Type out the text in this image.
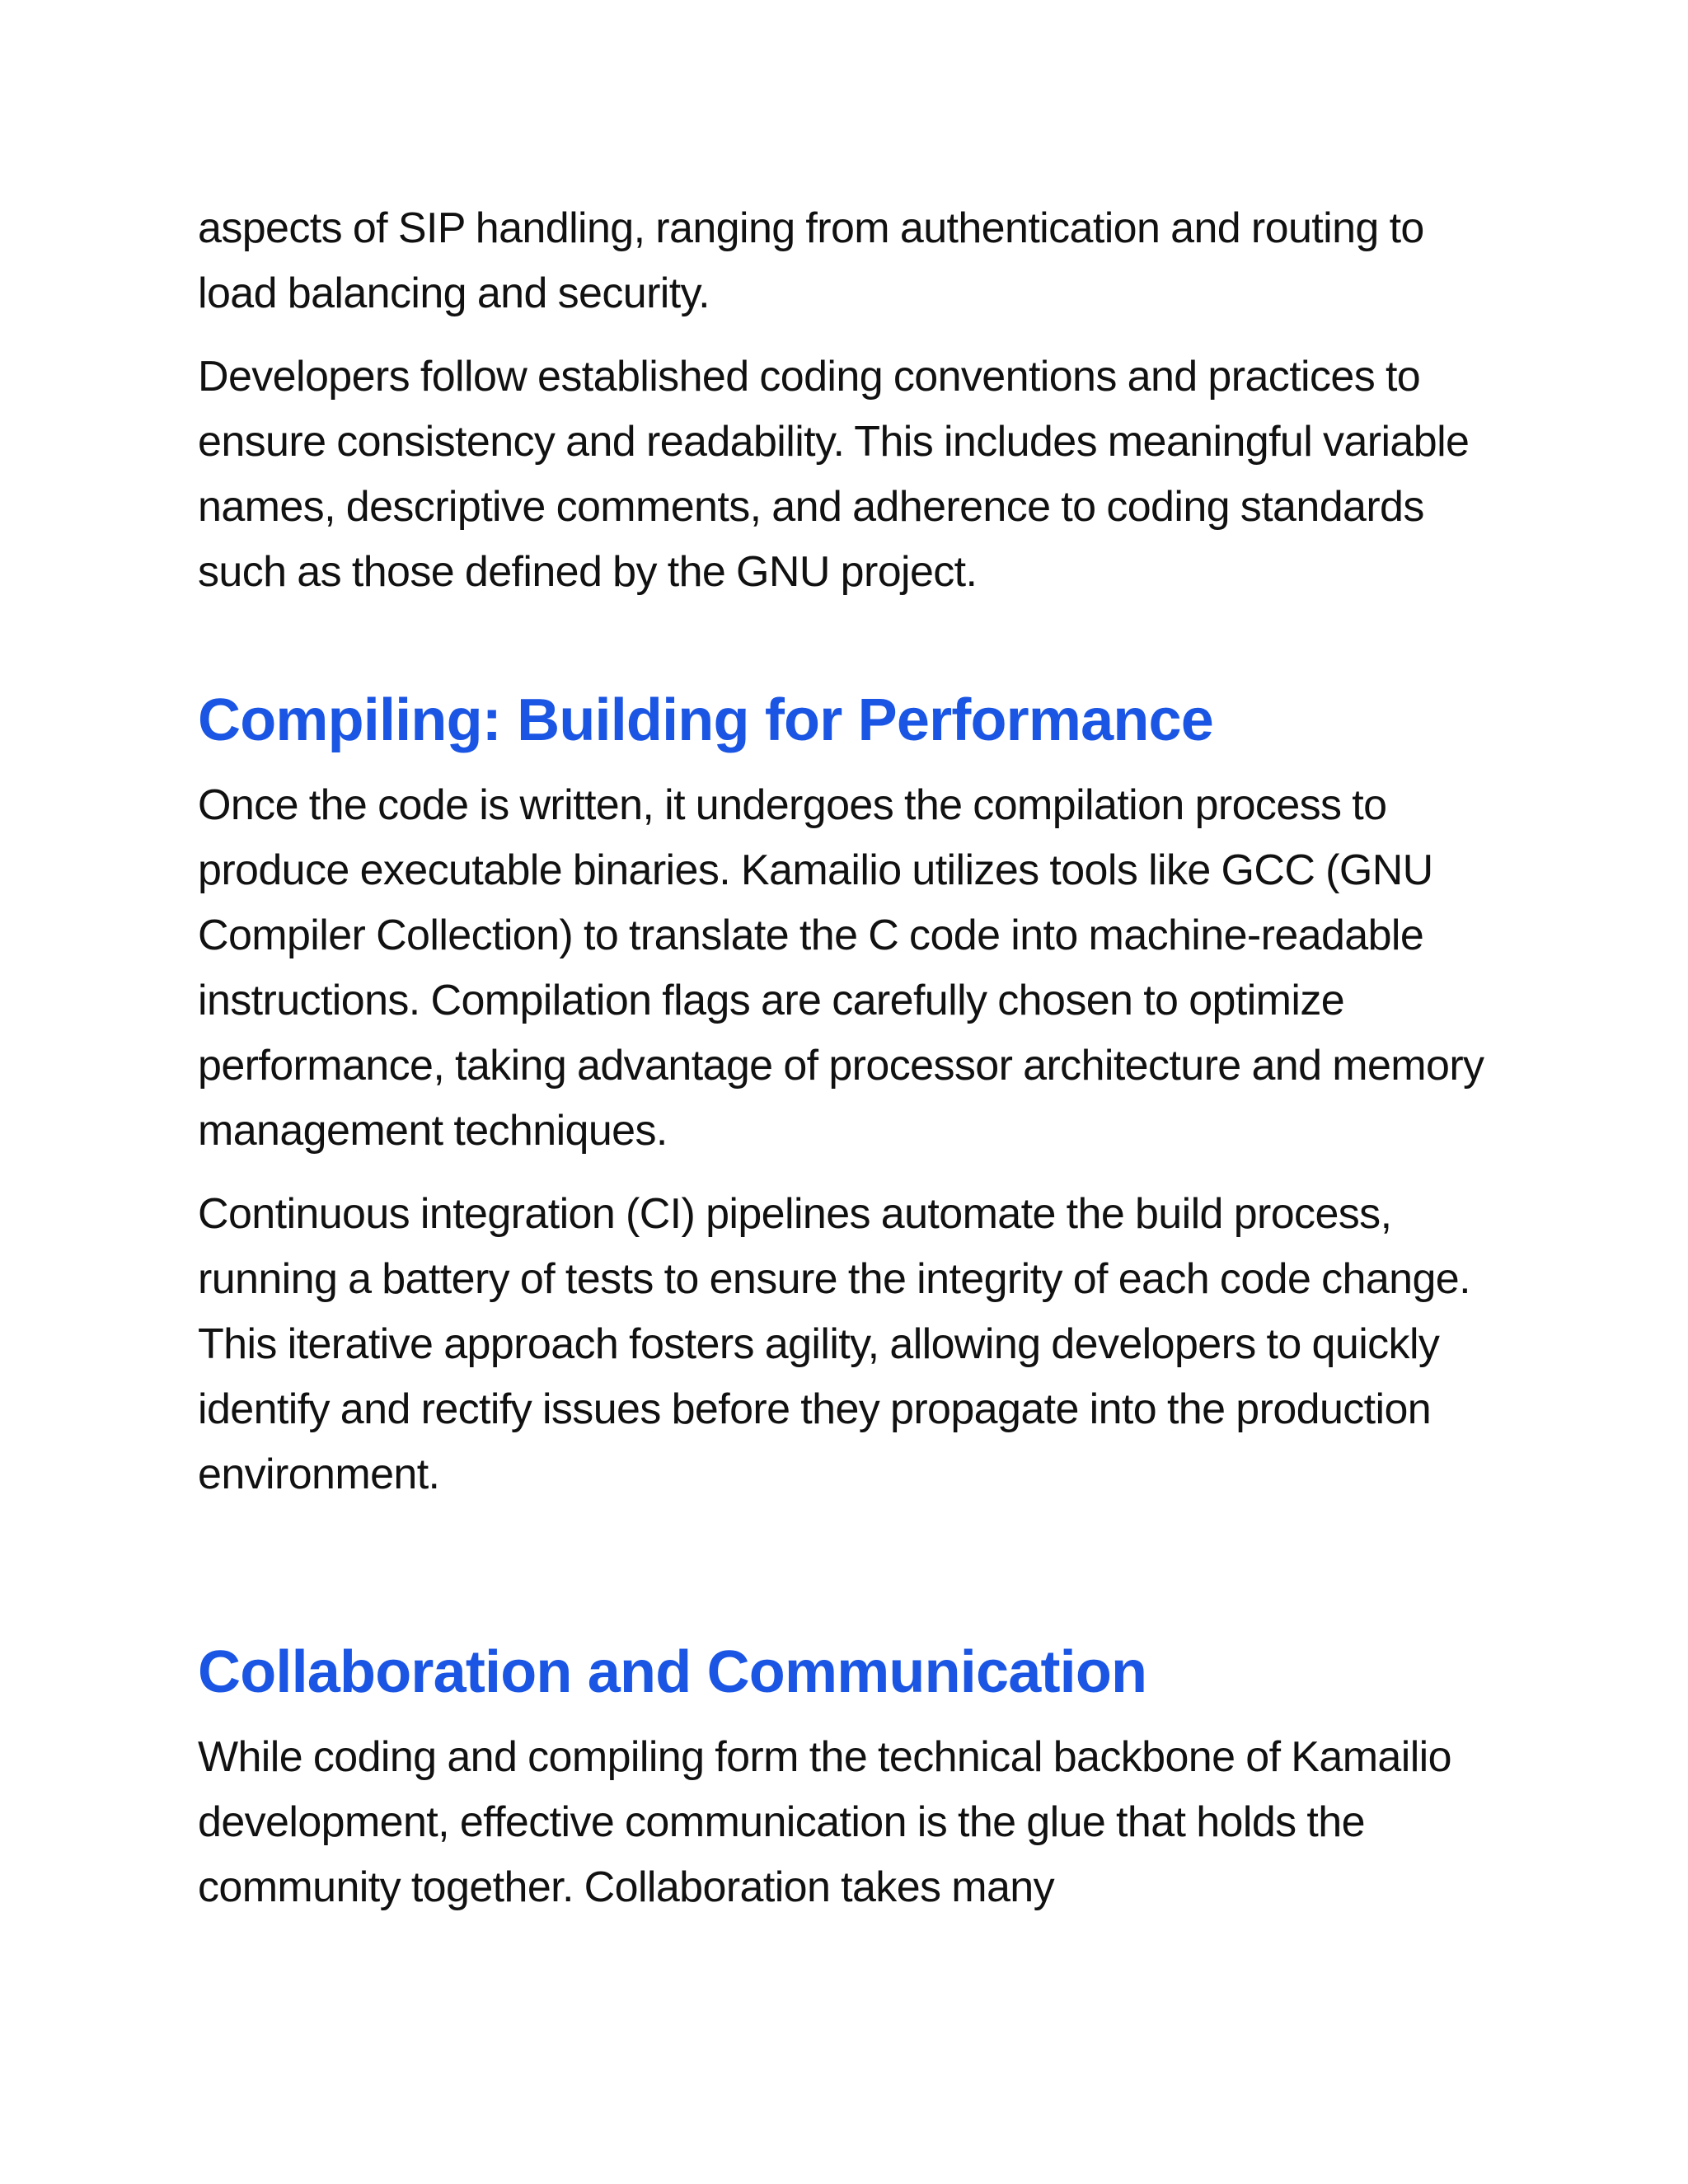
aspects of SIP handling, ranging from authentication and routing to load balancing and security.

Developers follow established coding conventions and practices to ensure consistency and readability. This includes meaningful variable names, descriptive comments, and adherence to coding standards such as those defined by the GNU project.

Compiling: Building for Performance

Once the code is written, it undergoes the compilation process to produce executable binaries. Kamailio utilizes tools like GCC (GNU Compiler Collection) to translate the C code into machine-readable instructions. Compilation flags are carefully chosen to optimize performance, taking advantage of processor architecture and memory management techniques.

Continuous integration (CI) pipelines automate the build process, running a battery of tests to ensure the integrity of each code change. This iterative approach fosters agility, allowing developers to quickly identify and rectify issues before they propagate into the production environment.

Collaboration and Communication

While coding and compiling form the technical backbone of Kamailio development, effective communication is the glue that holds the community together. Collaboration takes many
